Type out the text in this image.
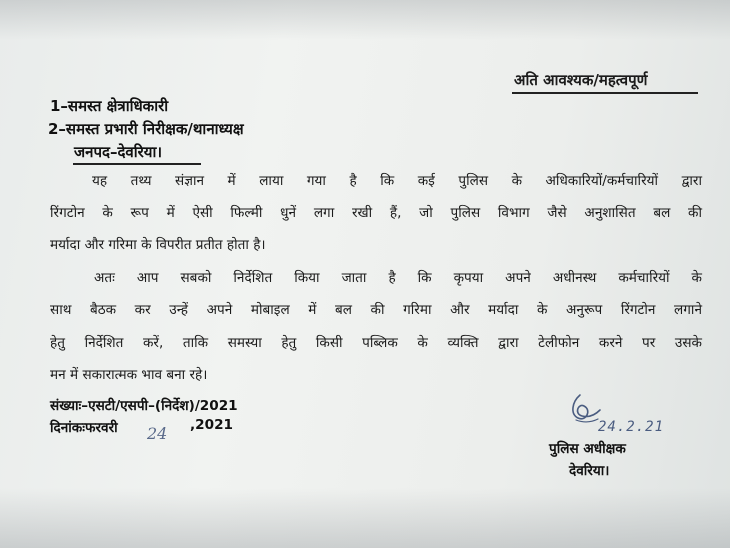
अति आवश्यक/महत्वपूर्ण
1–समस्त क्षेत्राधिकारी
2–समस्त प्रभारी निरीक्षक/थानाध्यक्ष
जनपद–देवरिया।
यह तथ्य संज्ञान में लाया गया है कि कई पुलिस के अधिकारियों/कर्मचारियों द्वारा
रिंगटोन के रूप में ऐसी फिल्मी धुनें लगा रखी हैं, जो पुलिस विभाग जैसे अनुशासित बल की
मर्यादा और गरिमा के विपरीत प्रतीत होता है।
अतः आप सबको निर्देशित किया जाता है कि कृपया अपने अधीनस्थ कर्मचारियों के
साथ बैठक कर उन्हें अपने मोबाइल में बल की गरिमा और मर्यादा के अनुरूप रिंगटोन लगाने
हेतु निर्देशित करें, ताकि समस्या हेतु किसी पब्लिक के व्यक्ति द्वारा टेलीफोन करने पर उसके
मन में सकारात्मक भाव बना रहे।
संख्याः–एसटी/एसपी–(निर्देश)/2021
दिनांकःफरवरी 24 ,2021	24.2.21
पुलिस अधीक्षक
देवरिया।
